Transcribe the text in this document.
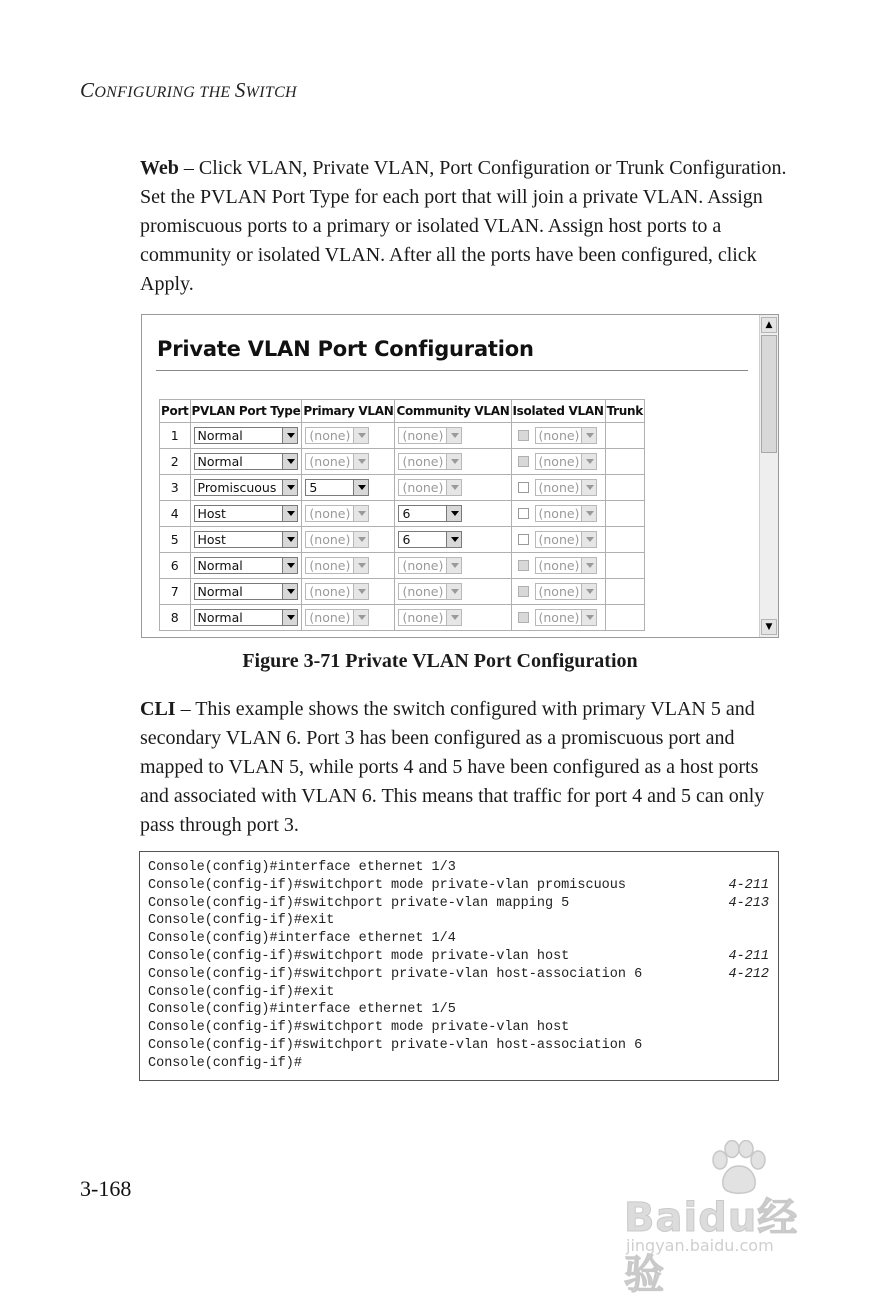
CONFIGURING THE SWITCH
Web – Click VLAN, Private VLAN, Port Configuration or Trunk Configuration. Set the PVLAN Port Type for each port that will join a private VLAN. Assign promiscuous ports to a primary or isolated VLAN. Assign host ports to a community or isolated VLAN. After all the ports have been configured, click Apply.
Private VLAN Port Configuration
Port	PVLAN Port Type	Primary VLAN	Community VLAN	Isolated VLAN	Trunk
1	Normal	(none)	(none)	(none)

2	Normal	(none)	(none)	(none)

3	Promiscuous	5	(none)	(none)

4	Host	(none)	6	(none)

5	Host	(none)	6	(none)

6	Normal	(none)	(none)	(none)

7	Normal	(none)	(none)	(none)

8	Normal	(none)	(none)	(none)

▲
▼
Figure 3-71 Private VLAN Port Configuration
CLI – This example shows the switch configured with primary VLAN 5 and secondary VLAN 6. Port 3 has been configured as a promiscuous port and mapped to VLAN 5, while ports 4 and 5 have been configured as a host ports and associated with VLAN 6. This means that traffic for port 4 and 5 can only pass through port 3.
Console(config)#interface ethernet 1/3
Console(config-if)#switchport mode private-vlan promiscuous	4-211
Console(config-if)#switchport private-vlan mapping 5	4-213
Console(config-if)#exit
Console(config)#interface ethernet 1/4
Console(config-if)#switchport mode private-vlan host	4-211
Console(config-if)#switchport private-vlan host-association 6	4-212
Console(config-if)#exit
Console(config)#interface ethernet 1/5
Console(config-if)#switchport mode private-vlan host
Console(config-if)#switchport private-vlan host-association 6
Console(config-if)#
3-168
Baidu经验
jingyan.baidu.com
